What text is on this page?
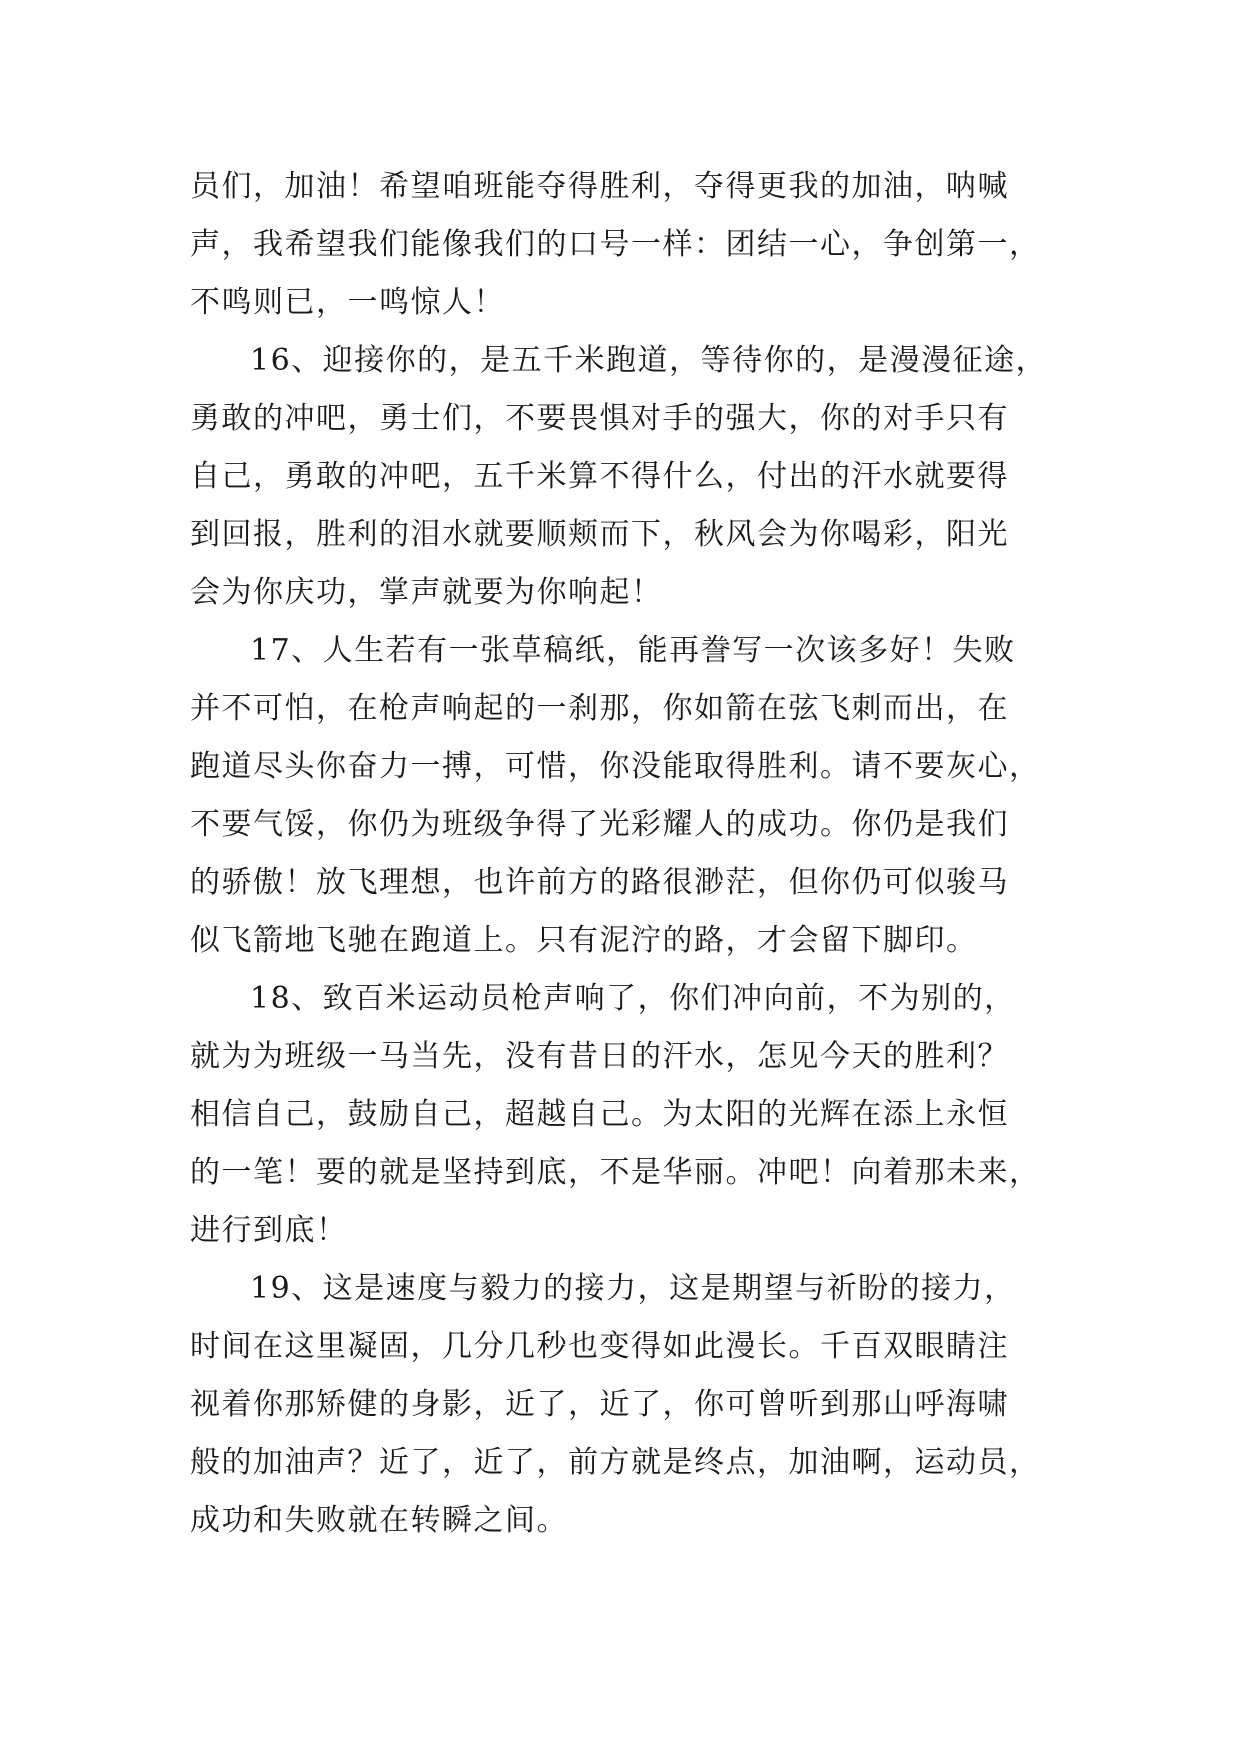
员们，加油！希望咱班能夺得胜利，夺得更我的加油，呐喊
声，我希望我们能像我们的口号一样：团结一心，争创第一，
不鸣则已，一鸣惊人！
16、迎接你的，是五千米跑道，等待你的，是漫漫征途，
勇敢的冲吧，勇士们，不要畏惧对手的强大，你的对手只有
自己，勇敢的冲吧，五千米算不得什么，付出的汗水就要得
到回报，胜利的泪水就要顺颊而下，秋风会为你喝彩，阳光
会为你庆功，掌声就要为你响起！
17、人生若有一张草稿纸，能再誊写一次该多好！失败
并不可怕，在枪声响起的一刹那，你如箭在弦飞刺而出，在
跑道尽头你奋力一搏，可惜，你没能取得胜利。请不要灰心，
不要气馁，你仍为班级争得了光彩耀人的成功。你仍是我们
的骄傲！放飞理想，也许前方的路很渺茫，但你仍可似骏马
似飞箭地飞驰在跑道上。只有泥泞的路，才会留下脚印。
18、致百米运动员枪声响了，你们冲向前，不为别的，
就为为班级一马当先，没有昔日的汗水，怎见今天的胜利？
相信自己，鼓励自己，超越自己。为太阳的光辉在添上永恒
的一笔！要的就是坚持到底，不是华丽。冲吧！向着那未来，
进行到底！
19、这是速度与毅力的接力，这是期望与祈盼的接力，
时间在这里凝固，几分几秒也变得如此漫长。千百双眼睛注
视着你那矫健的身影，近了，近了，你可曾听到那山呼海啸
般的加油声？近了，近了，前方就是终点，加油啊，运动员，
成功和失败就在转瞬之间。
